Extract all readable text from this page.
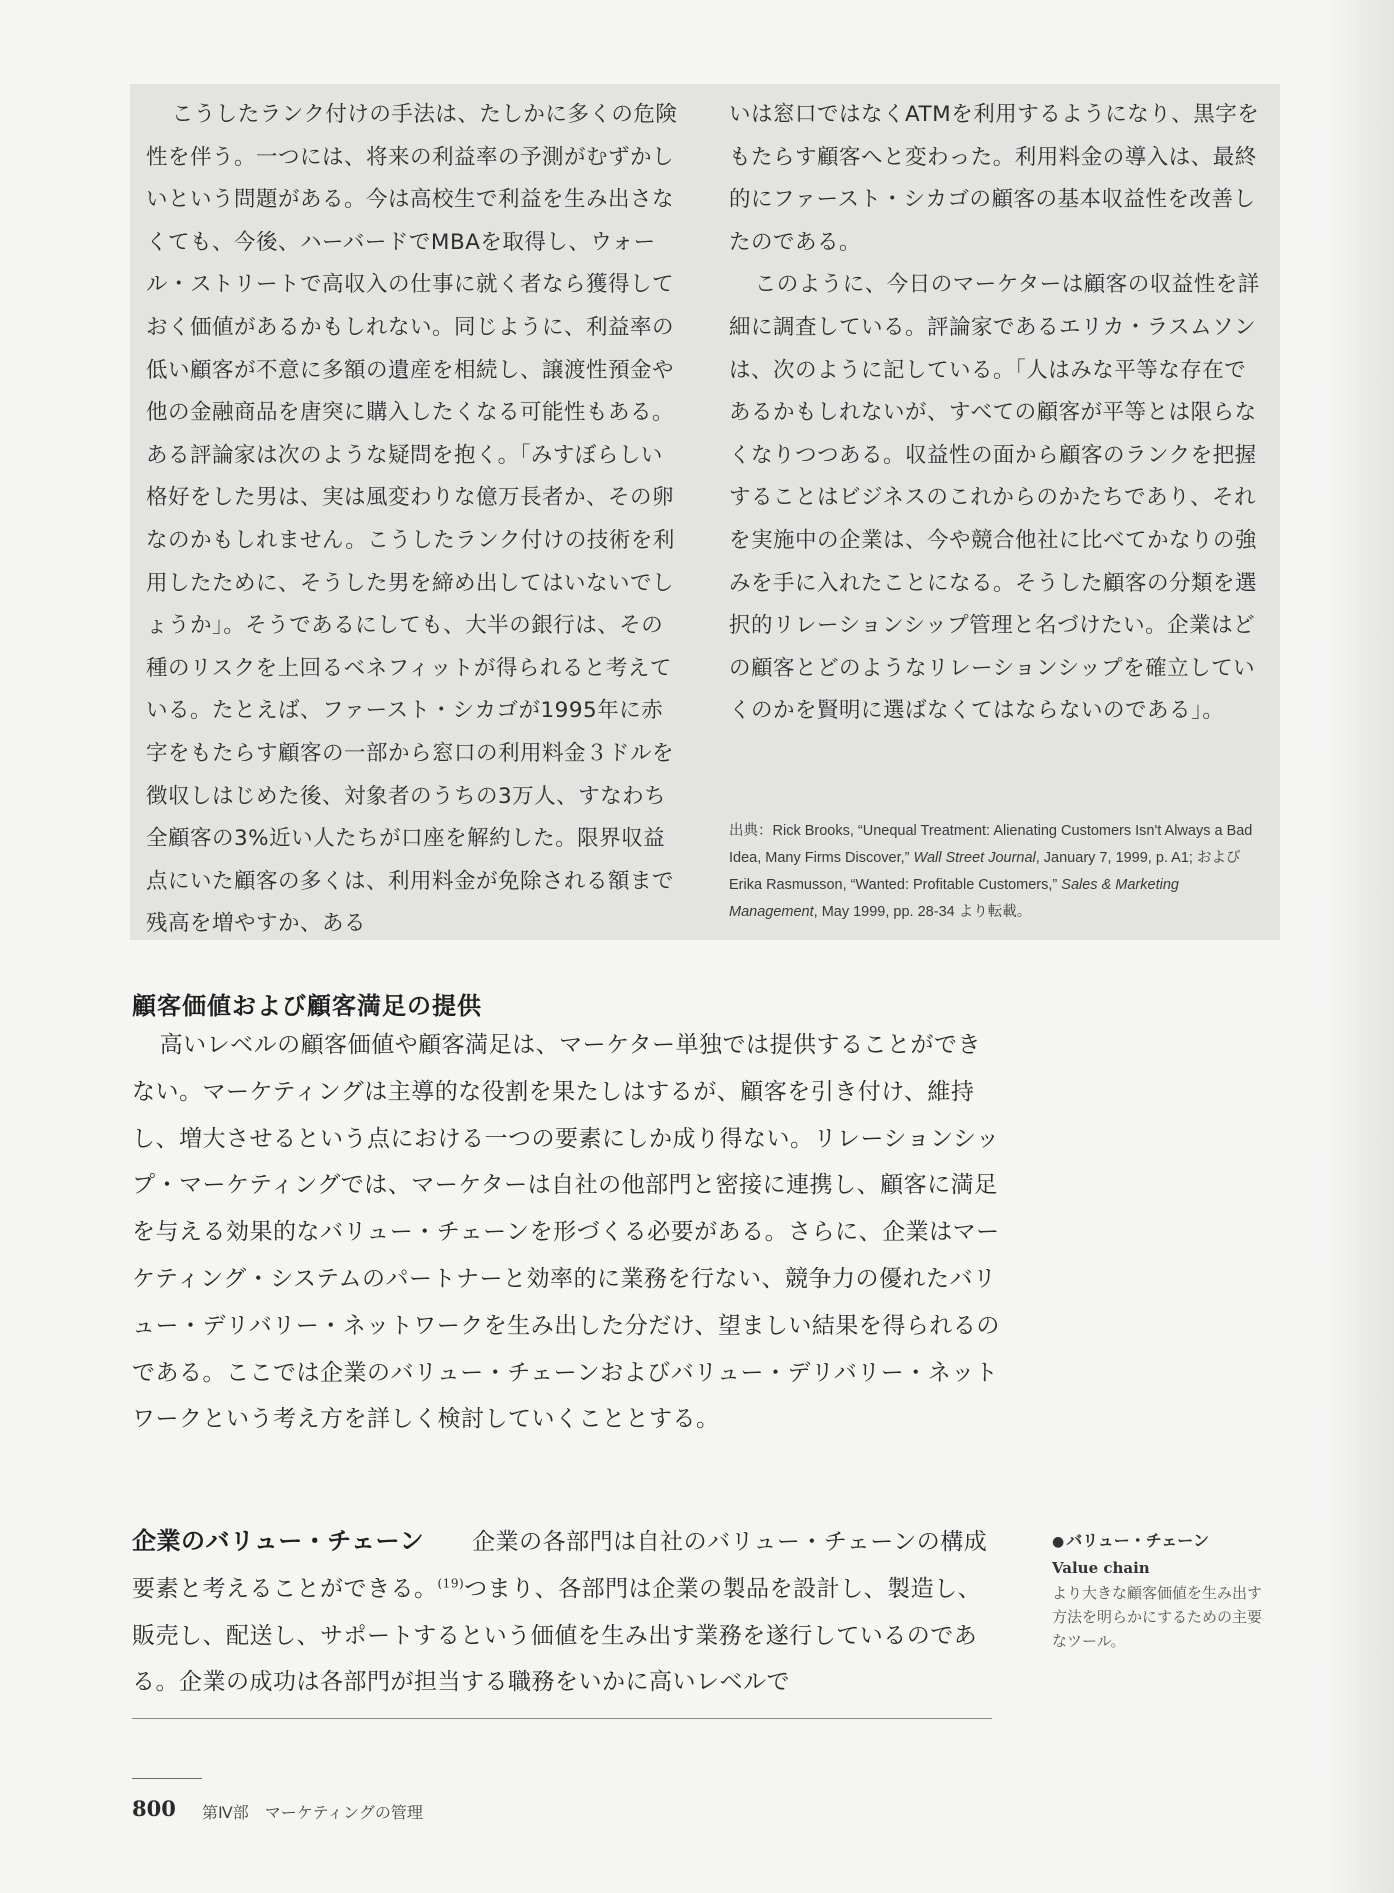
こうしたランク付けの手法は、たしかに多くの危険性を伴う。一つには、将来の利益率の予測がむずかしいという問題がある。今は高校生で利益を生み出さなくても、今後、ハーバードでMBAを取得し、ウォール・ストリートで高収入の仕事に就く者なら獲得しておく価値があるかもしれない。同じように、利益率の低い顧客が不意に多額の遺産を相続し、譲渡性預金や他の金融商品を唐突に購入したくなる可能性もある。ある評論家は次のような疑問を抱く。「みすぼらしい格好をした男は、実は風変わりな億万長者か、その卵なのかもしれません。こうしたランク付けの技術を利用したために、そうした男を締め出してはいないでしょうか」。そうであるにしても、大半の銀行は、その種のリスクを上回るベネフィットが得られると考えている。たとえば、ファースト・シカゴが1995年に赤字をもたらす顧客の一部から窓口の利用料金３ドルを徴収しはじめた後、対象者のうちの3万人、すなわち全顧客の3%近い人たちが口座を解約した。限界収益点にいた顧客の多くは、利用料金が免除される額まで残高を増やすか、ある

いは窓口ではなくATMを利用するようになり、黒字をもたらす顧客へと変わった。利用料金の導入は、最終的にファースト・シカゴの顧客の基本収益性を改善したのである。

このように、今日のマーケターは顧客の収益性を詳細に調査している。評論家であるエリカ・ラスムソンは、次のように記している。「人はみな平等な存在であるかもしれないが、すべての顧客が平等とは限らなくなりつつある。収益性の面から顧客のランクを把握することはビジネスのこれからのかたちであり、それを実施中の企業は、今や競合他社に比べてかなりの強みを手に入れたことになる。そうした顧客の分類を選択的リレーションシップ管理と名づけたい。企業はどの顧客とどのようなリレーションシップを確立していくのかを賢明に選ばなくてはならないのである」。

出典：Rick Brooks, “Unequal Treatment: Alienating Customers Isn't Always a Bad Idea, Many Firms Discover,” Wall Street Journal, January 7, 1999, p. A1; および Erika Rasmusson, “Wanted: Profitable Customers,” Sales & Marketing Management, May 1999, pp. 28-34 より転載。
顧客価値および顧客満足の提供

高いレベルの顧客価値や顧客満足は、マーケター単独では提供することができない。マーケティングは主導的な役割を果たしはするが、顧客を引き付け、維持し、増大させるという点における一つの要素にしか成り得ない。リレーションシップ・マーケティングでは、マーケターは自社の他部門と密接に連携し、顧客に満足を与える効果的なバリュー・チェーンを形づくる必要がある。さらに、企業はマーケティング・システムのパートナーと効率的に業務を行ない、競争力の優れたバリュー・デリバリー・ネットワークを生み出した分だけ、望ましい結果を得られるのである。ここでは企業のバリュー・チェーンおよびバリュー・デリバリー・ネットワークという考え方を詳しく検討していくこととする。

企業のバリュー・チェーン 企業の各部門は自社のバリュー・チェーンの構成要素と考えることができる。$^{(19)}$つまり、各部門は企業の製品を設計し、製造し、販売し、配送し、サポートするという価値を生み出す業務を遂行しているのである。企業の成功は各部門が担当する職務をいかに高いレベルで
● バリュー・チェーン
Value chain
より大きな顧客価値を生み出す方法を明らかにするための主要なツール。
800 第Ⅳ部 マーケティングの管理
